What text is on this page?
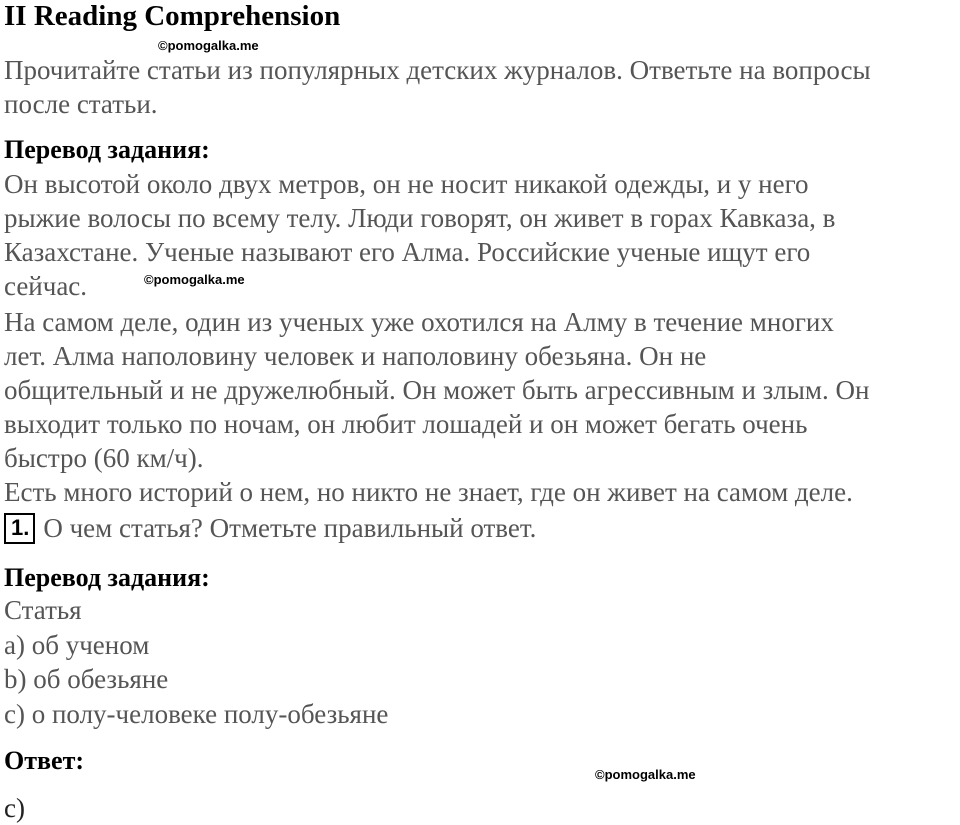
II Reading Comprehension
©pomogalka.me
Прочитайте статьи из популярных детских журналов. Ответьте на вопросы
после статьи.
Перевод задания:
Он высотой около двух метров, он не носит никакой одежды, и у него
рыжие волосы по всему телу. Люди говорят, он живет в горах Кавказа, в
Казахстане. Ученые называют его Алма. Российские ученые ищут его
сейчас.	©pomogalka.me
На самом деле, один из ученых уже охотился на Алму в течение многих
лет. Алма наполовину человек и наполовину обезьяна. Он не
общительный и не дружелюбный. Он может быть агрессивным и злым. Он
выходит только по ночам, он любит лошадей и он может бегать очень
быстро (60 км/ч).
Есть много историй о нем, но никто не знает, где он живет на самом деле.
1. О чем статья? Отметьте правильный ответ.
Перевод задания:
Статья
a) об ученом
b) об обезьяне
c) о полу-человеке полу-обезьяне
Ответ:	©pomogalka.me
c)
